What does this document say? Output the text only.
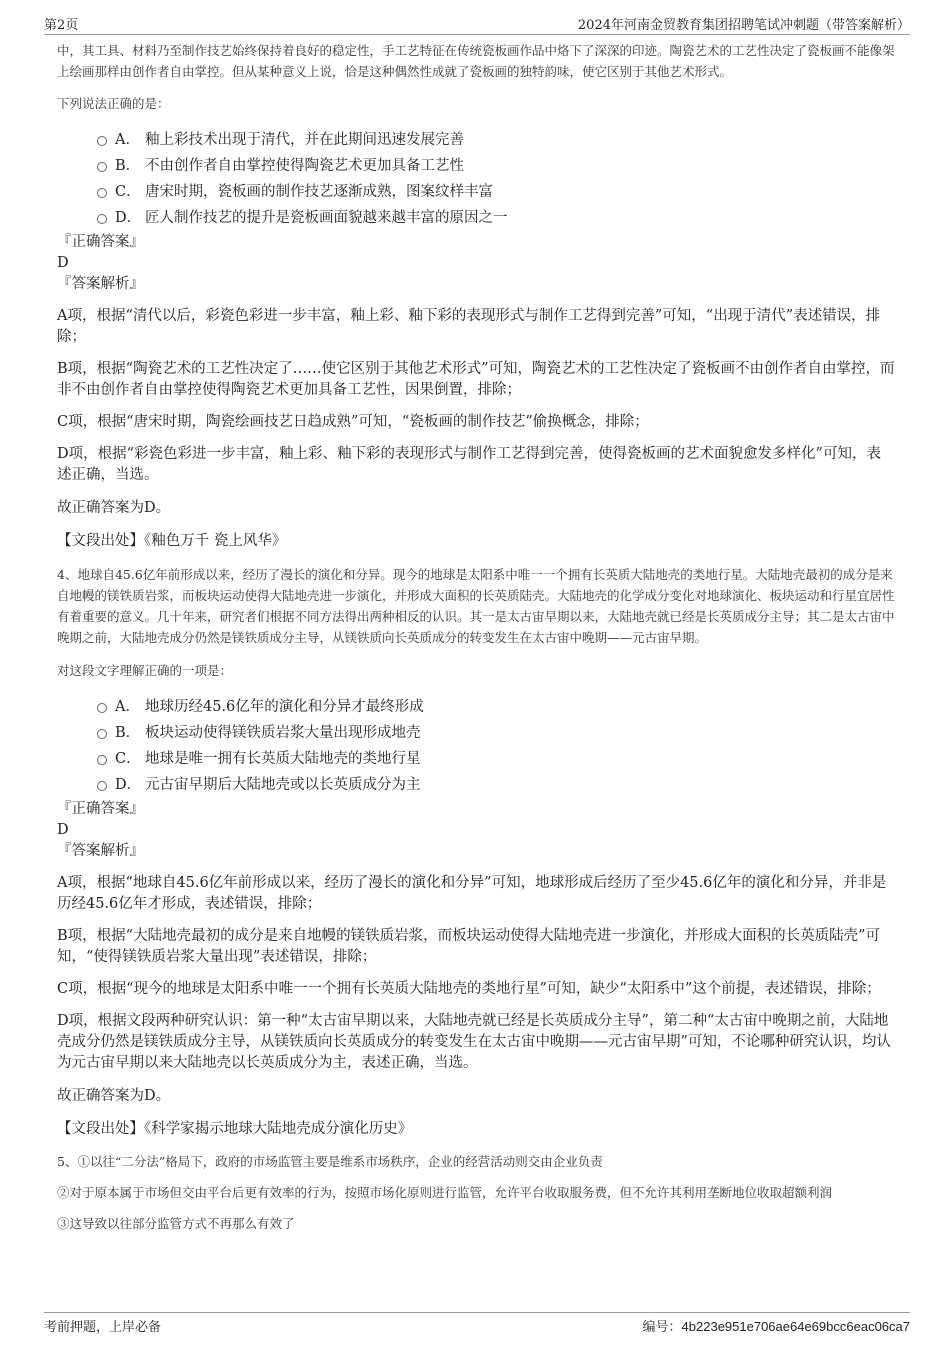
第2页	2024年河南金贸教育集团招聘笔试冲刺题（带答案解析）

中，其工具、材料乃至制作技艺始终保持着良好的稳定性，手工艺特征在传统瓷板画作品中烙下了深深的印迹。陶瓷艺术的工艺性决定了瓷板画不能像架上绘画那样由创作者自由掌控。但从某种意义上说，恰是这种偶然性成就了瓷板画的独特韵味，使它区别于其他艺术形式。

下列说法正确的是：

A． 釉上彩技术出现于清代，并在此期间迅速发展完善
B． 不由创作者自由掌控使得陶瓷艺术更加具备工艺性
C． 唐宋时期，瓷板画的制作技艺逐渐成熟，图案纹样丰富
D． 匠人制作技艺的提升是瓷板画面貌越来越丰富的原因之一

『正确答案』

D

『答案解析』

A项，根据“清代以后，彩瓷色彩进一步丰富，釉上彩、釉下彩的表现形式与制作工艺得到完善”可知，“出现于清代”表述错误，排除；

B项，根据“陶瓷艺术的工艺性决定了……使它区别于其他艺术形式”可知，陶瓷艺术的工艺性决定了瓷板画不由创作者自由掌控，而非不由创作者自由掌控使得陶瓷艺术更加具备工艺性，因果倒置，排除；

C项，根据“唐宋时期，陶瓷绘画技艺日趋成熟”可知，“瓷板画的制作技艺”偷换概念，排除；

D项，根据“彩瓷色彩进一步丰富，釉上彩、釉下彩的表现形式与制作工艺得到完善，使得瓷板画的艺术面貌愈发多样化”可知，表述正确，当选。

故正确答案为D。

【文段出处】《釉色万千 瓷上风华》

4、地球自45.6亿年前形成以来，经历了漫长的演化和分异。现今的地球是太阳系中唯一一个拥有长英质大陆地壳的类地行星。大陆地壳最初的成分是来自地幔的镁铁质岩浆，而板块运动使得大陆地壳进一步演化，并形成大面积的长英质陆壳。大陆地壳的化学成分变化对地球演化、板块运动和行星宜居性有着重要的意义。几十年来，研究者们根据不同方法得出两种相反的认识。其一是太古宙早期以来，大陆地壳就已经是长英质成分主导；其二是太古宙中晚期之前，大陆地壳成分仍然是镁铁质成分主导，从镁铁质向长英质成分的转变发生在太古宙中晚期——元古宙早期。

对这段文字理解正确的一项是：

A． 地球历经45.6亿年的演化和分异才最终形成
B． 板块运动使得镁铁质岩浆大量出现形成地壳
C． 地球是唯一拥有长英质大陆地壳的类地行星
D． 元古宙早期后大陆地壳或以长英质成分为主

『正确答案』

D

『答案解析』

A项，根据“地球自45.6亿年前形成以来，经历了漫长的演化和分异”可知，地球形成后经历了至少45.6亿年的演化和分异，并非是历经45.6亿年才形成，表述错误，排除；

B项，根据“大陆地壳最初的成分是来自地幔的镁铁质岩浆，而板块运动使得大陆地壳进一步演化，并形成大面积的长英质陆壳”可知，“使得镁铁质岩浆大量出现”表述错误，排除；

C项，根据“现今的地球是太阳系中唯一一个拥有长英质大陆地壳的类地行星”可知，缺少“太阳系中”这个前提，表述错误，排除；

D项，根据文段两种研究认识：第一种“太古宙早期以来，大陆地壳就已经是长英质成分主导”，第二种“太古宙中晚期之前，大陆地壳成分仍然是镁铁质成分主导，从镁铁质向长英质成分的转变发生在太古宙中晚期——元古宙早期”可知，不论哪种研究认识，均认为元古宙早期以来大陆地壳以长英质成分为主，表述正确，当选。

故正确答案为D。

【文段出处】《科学家揭示地球大陆地壳成分演化历史》

5、①以往“二分法”格局下，政府的市场监管主要是维系市场秩序，企业的经营活动则交由企业负责

②对于原本属于市场但交由平台后更有效率的行为，按照市场化原则进行监管，允许平台收取服务费，但不允许其利用垄断地位收取超额利润

③这导致以往部分监管方式不再那么有效了

考前押题，上岸必备	编号：4b223e951e706ae64e69bcc6eac06ca7
